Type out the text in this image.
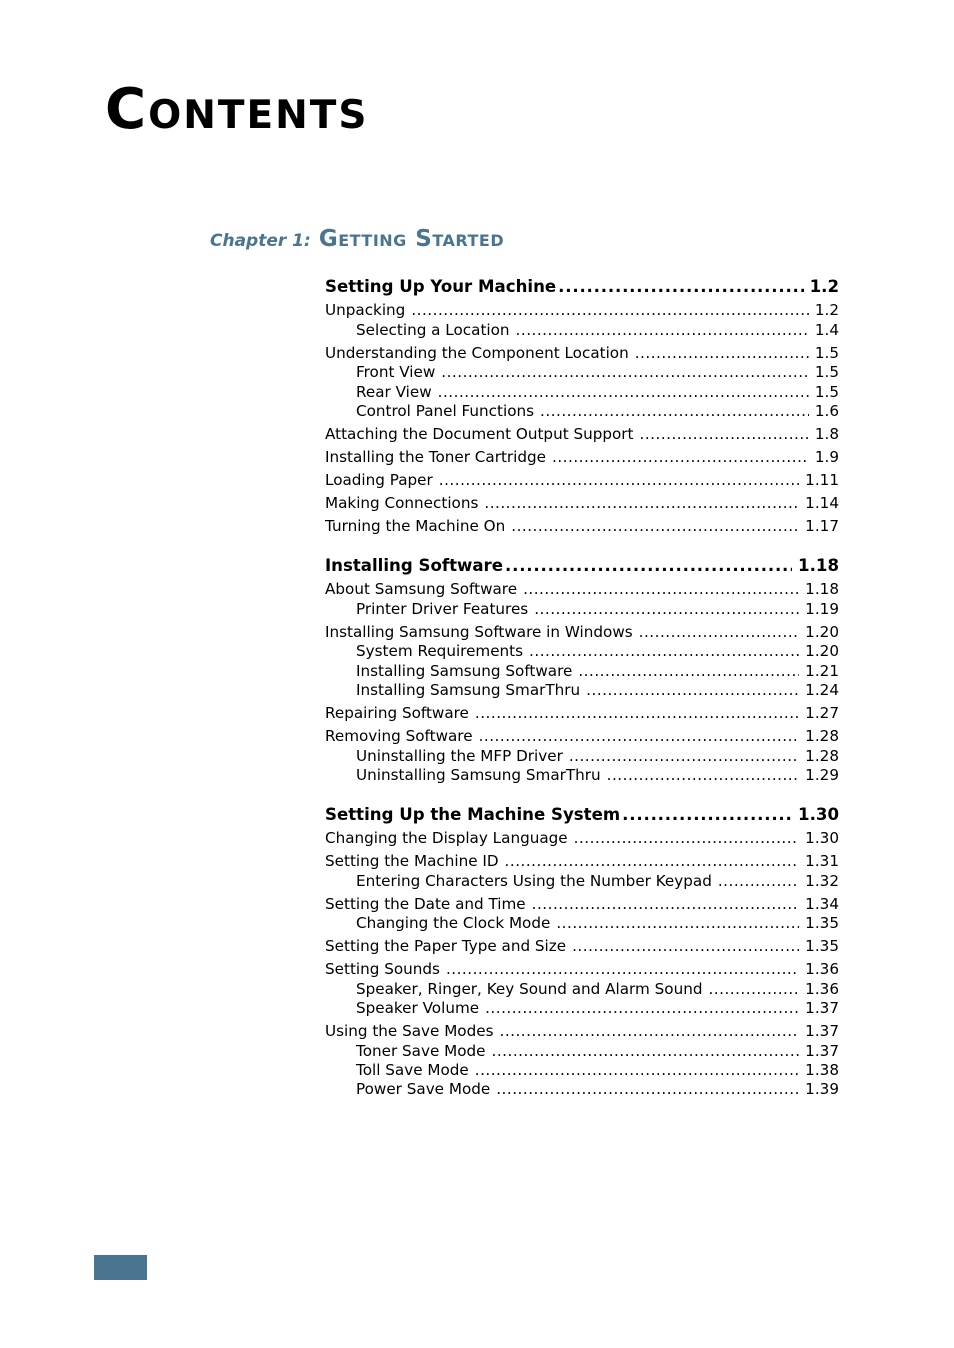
Contents
Chapter 1: Getting Started
Setting Up Your Machine .....	1.2
Unpacking .....	1.2
Selecting a Location .....	1.4
Understanding the Component Location .....	1.5
Front View .....	1.5
Rear View .....	1.5
Control Panel Functions .....	1.6
Attaching the Document Output Support .....	1.8
Installing the Toner Cartridge .....	1.9
Loading Paper .....	1.11
Making Connections .....	1.14
Turning the Machine On .....	1.17
Installing Software .....	1.18
About Samsung Software .....	1.18
Printer Driver Features .....	1.19
Installing Samsung Software in Windows .....	1.20
System Requirements .....	1.20
Installing Samsung Software .....	1.21
Installing Samsung SmarThru .....	1.24
Repairing Software .....	1.27
Removing Software .....	1.28
Uninstalling the MFP Driver .....	1.28
Uninstalling Samsung SmarThru .....	1.29
Setting Up the Machine System .....	1.30
Changing the Display Language .....	1.30
Setting the Machine ID .....	1.31
Entering Characters Using the Number Keypad .....	1.32
Setting the Date and Time .....	1.34
Changing the Clock Mode .....	1.35
Setting the Paper Type and Size .....	1.35
Setting Sounds .....	1.36
Speaker, Ringer, Key Sound and Alarm Sound .....	1.36
Speaker Volume .....	1.37
Using the Save Modes .....	1.37
Toner Save Mode .....	1.37
Toll Save Mode .....	1.38
Power Save Mode .....	1.39
